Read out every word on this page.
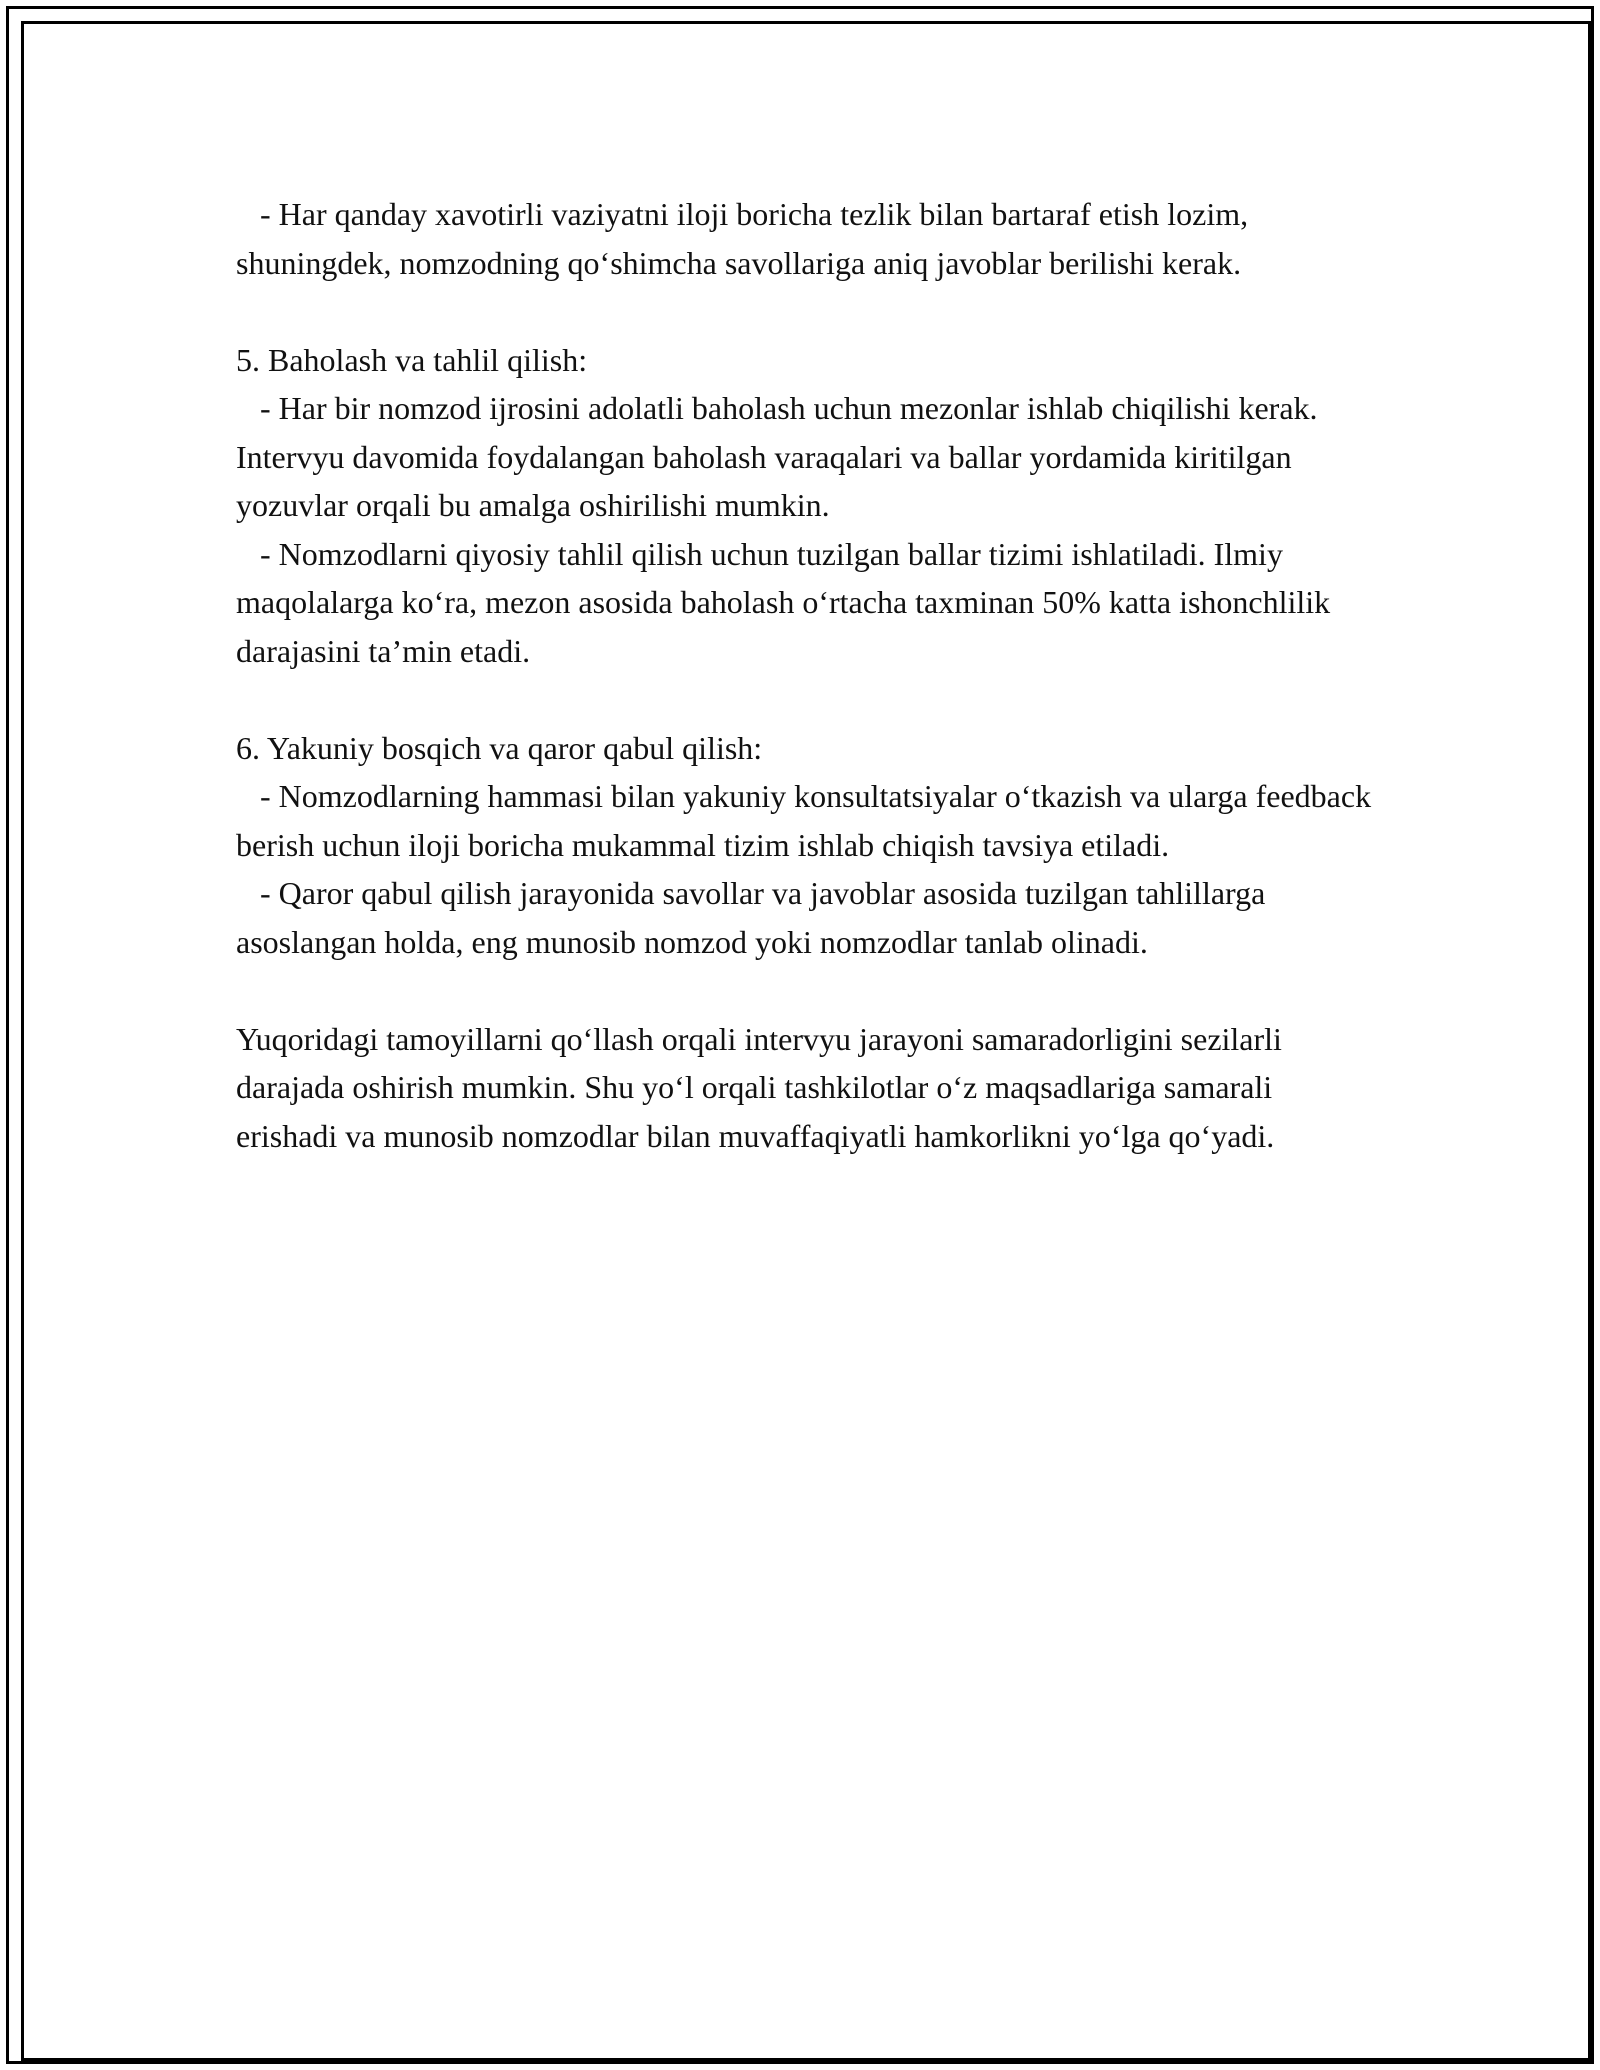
- Har qanday xavotirli vaziyatni iloji boricha tezlik bilan bartaraf etish lozim, shuningdek, nomzodning qo‘shimcha savollariga aniq javoblar berilishi kerak.

5. Baholash va tahlil qilish:

- Har bir nomzod ijrosini adolatli baholash uchun mezonlar ishlab chiqilishi kerak. Intervyu davomida foydalangan baholash varaqalari va ballar yordamida kiritilgan yozuvlar orqali bu amalga oshirilishi mumkin.

- Nomzodlarni qiyosiy tahlil qilish uchun tuzilgan ballar tizimi ishlatiladi. Ilmiy maqolalarga ko‘ra, mezon asosida baholash o‘rtacha taxminan 50% katta ishonchlilik darajasini ta’min etadi.

6. Yakuniy bosqich va qaror qabul qilish:

- Nomzodlarning hammasi bilan yakuniy konsultatsiyalar o‘tkazish va ularga feedback berish uchun iloji boricha mukammal tizim ishlab chiqish tavsiya etiladi.

- Qaror qabul qilish jarayonida savollar va javoblar asosida tuzilgan tahlillarga asoslangan holda, eng munosib nomzod yoki nomzodlar tanlab olinadi.

Yuqoridagi tamoyillarni qo‘llash orqali intervyu jarayoni samaradorligini sezilarli darajada oshirish mumkin. Shu yo‘l orqali tashkilotlar o‘z maqsadlariga samarali erishadi va munosib nomzodlar bilan muvaffaqiyatli hamkorlikni yo‘lga qo‘yadi.
